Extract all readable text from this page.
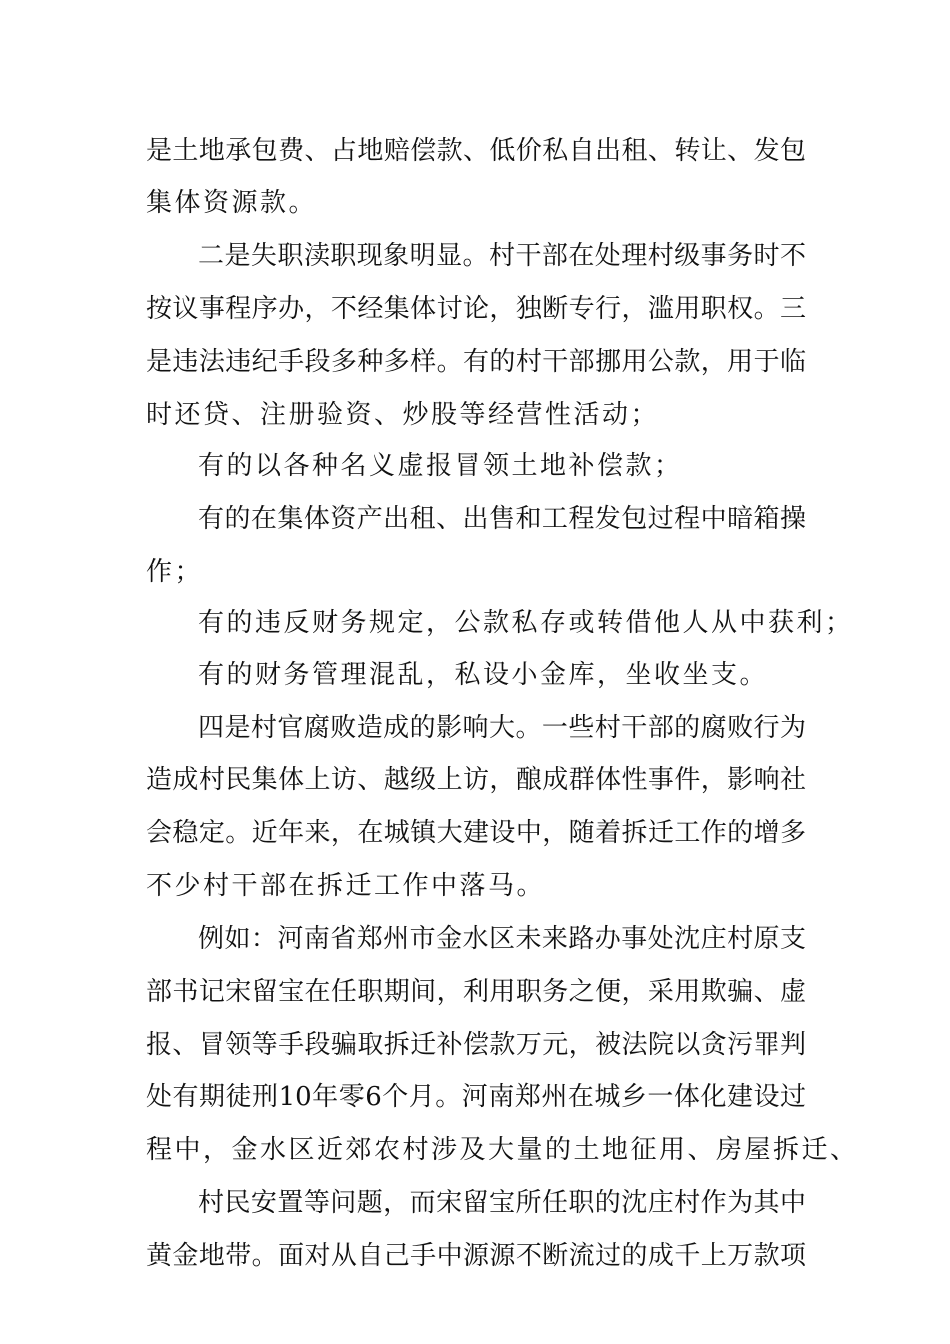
是土地承包费、占地赔偿款、低价私自出租、转让、发包
集体资源款。
二是失职渎职现象明显。村干部在处理村级事务时不
按议事程序办，不经集体讨论，独断专行，滥用职权。三
是违法违纪手段多种多样。有的村干部挪用公款，用于临
时还贷、注册验资、炒股等经营性活动；
有的以各种名义虚报冒领土地补偿款；
有的在集体资产出租、出售和工程发包过程中暗箱操
作；
有的违反财务规定，公款私存或转借他人从中获利；
有的财务管理混乱，私设小金库，坐收坐支。
四是村官腐败造成的影响大。一些村干部的腐败行为
造成村民集体上访、越级上访，酿成群体性事件，影响社
会稳定。近年来，在城镇大建设中，随着拆迁工作的增多
不少村干部在拆迁工作中落马。
例如：河南省郑州市金水区未来路办事处沈庄村原支
部书记宋留宝在任职期间，利用职务之便，采用欺骗、虚
报、冒领等手段骗取拆迁补偿款万元，被法院以贪污罪判
处有期徒刑10年零6个月。河南郑州在城乡一体化建设过
程中，金水区近郊农村涉及大量的土地征用、房屋拆迁、
村民安置等问题，而宋留宝所任职的沈庄村作为其中
黄金地带。面对从自己手中源源不断流过的成千上万款项
